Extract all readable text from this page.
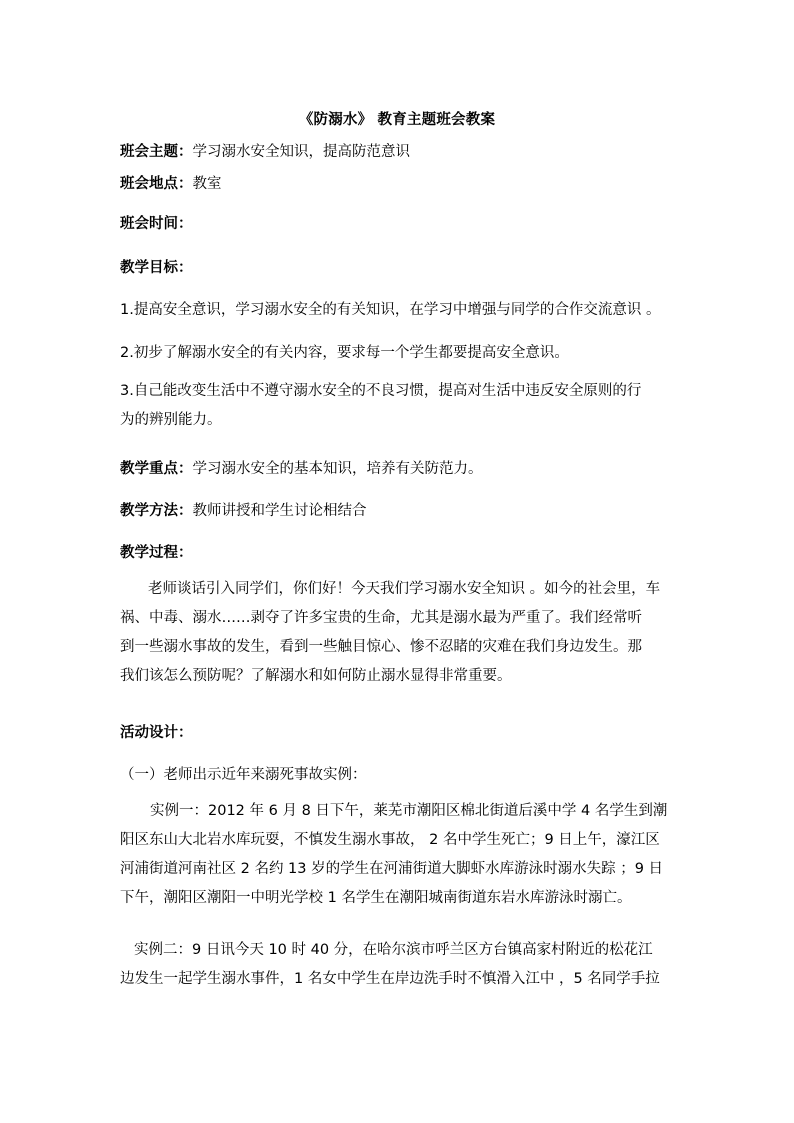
《防溺水》 教育主题班会教案
班会主题：学习溺水安全知识，提高防范意识
班会地点：教室
班会时间：
教学目标：
1.提高安全意识，学习溺水安全的有关知识，在学习中增强与同学的合作交流意识 。
2.初步了解溺水安全的有关内容，要求每一个学生都要提高安全意识。
3.自己能改变生活中不遵守溺水安全的不良习惯，提高对生活中违反安全原则的行
为的辨别能力。
教学重点：学习溺水安全的基本知识，培养有关防范力。
教学方法：教师讲授和学生讨论相结合
教学过程：
老师谈话引入同学们，你们好！今天我们学习溺水安全知识 。如今的社会里，车
祸、中毒、溺水……剥夺了许多宝贵的生命，尤其是溺水最为严重了。我们经常听
到一些溺水事故的发生，看到一些触目惊心、惨不忍睹的灾难在我们身边发生。那
我们该怎么预防呢？了解溺水和如何防止溺水显得非常重要。
活动设计：
（一）老师出示近年来溺死事故实例：
实例一：2012 年 6 月 8 日下午，莱芜市潮阳区棉北街道后溪中学 4 名学生到潮
阳区东山大北岩水库玩耍，不慎发生溺水事故， 2 名中学生死亡；9 日上午，濠江区
河浦街道河南社区 2 名约 13 岁的学生在河浦街道大脚虾水库游泳时溺水失踪 ；9 日
下午，潮阳区潮阳一中明光学校 1 名学生在潮阳城南街道东岩水库游泳时溺亡。
实例二：9 日讯今天 10 时 40 分，在哈尔滨市呼兰区方台镇高家村附近的松花江
边发生一起学生溺水事件，1 名女中学生在岸边洗手时不慎滑入江中 ，5 名同学手拉
